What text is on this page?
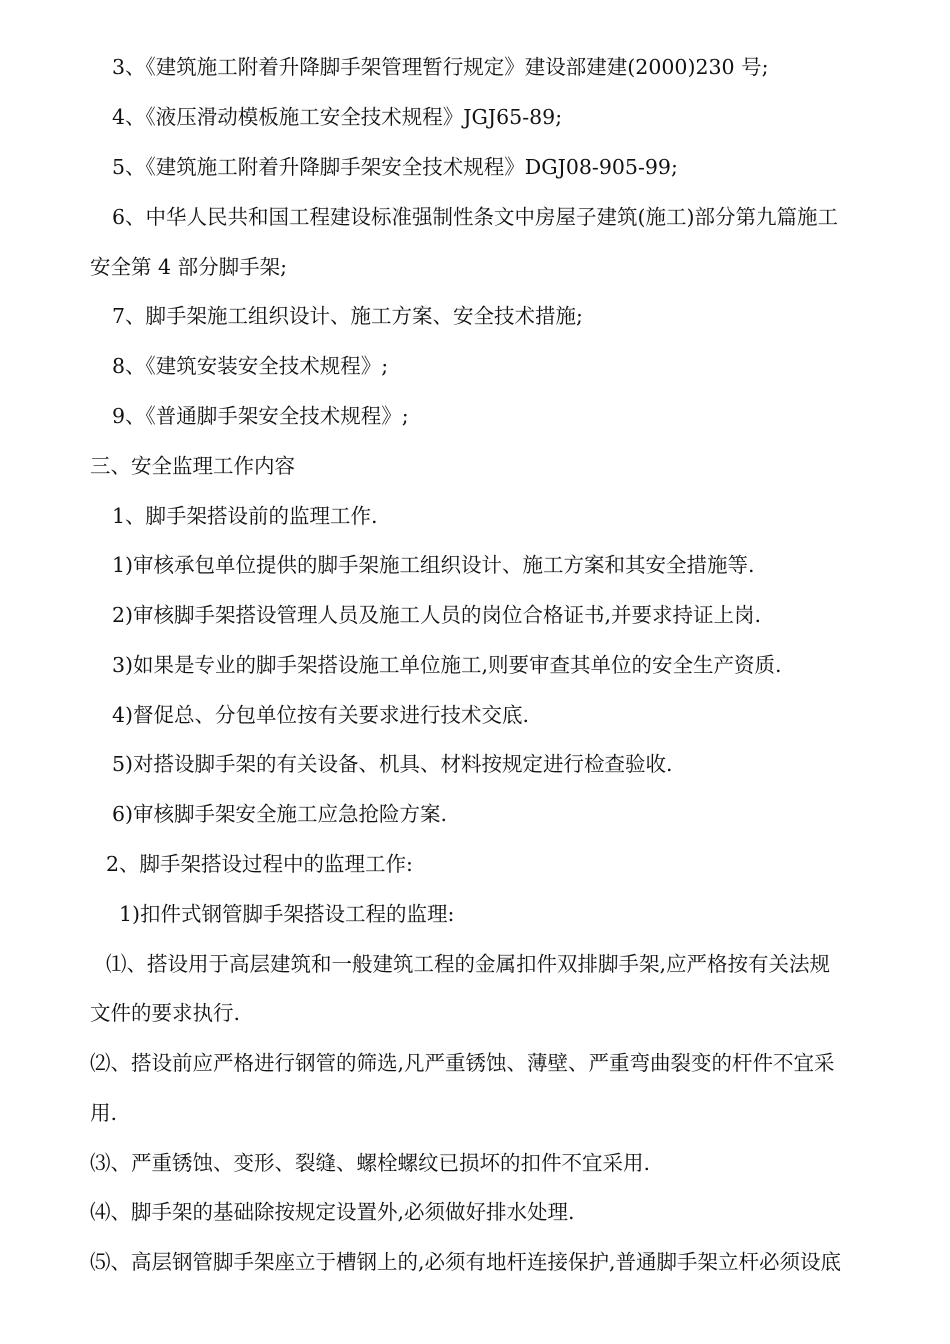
3、《建筑施工附着升降脚手架管理暂行规定》建设部建建(2000)230 号;
4、《液压滑动模板施工安全技术规程》JGJ65-89;
5、《建筑施工附着升降脚手架安全技术规程》DGJ08-905-99;
6、中华人民共和国工程建设标准强制性条文中房屋子建筑(施工)部分第九篇施工
安全第 4 部分脚手架;
7、脚手架施工组织设计、施工方案、安全技术措施;
8、《建筑安装安全技术规程》;
9、《普通脚手架安全技术规程》;
三、安全监理工作内容
1、脚手架搭设前的监理工作.
1)审核承包单位提供的脚手架施工组织设计、施工方案和其安全措施等.
2)审核脚手架搭设管理人员及施工人员的岗位合格证书,并要求持证上岗.
3)如果是专业的脚手架搭设施工单位施工,则要审查其单位的安全生产资质.
4)督促总、分包单位按有关要求进行技术交底.
5)对搭设脚手架的有关设备、机具、材料按规定进行检查验收.
6)审核脚手架安全施工应急抢险方案.
2、脚手架搭设过程中的监理工作:
1)扣件式钢管脚手架搭设工程的监理:
⑴、搭设用于高层建筑和一般建筑工程的金属扣件双排脚手架,应严格按有关法规
文件的要求执行.
⑵、搭设前应严格进行钢管的筛选,凡严重锈蚀、薄壁、严重弯曲裂变的杆件不宜采
用.
⑶、严重锈蚀、变形、裂缝、螺栓螺纹已损坏的扣件不宜采用.
⑷、脚手架的基础除按规定设置外,必须做好排水处理.
⑸、高层钢管脚手架座立于槽钢上的,必须有地杆连接保护,普通脚手架立杆必须设底
